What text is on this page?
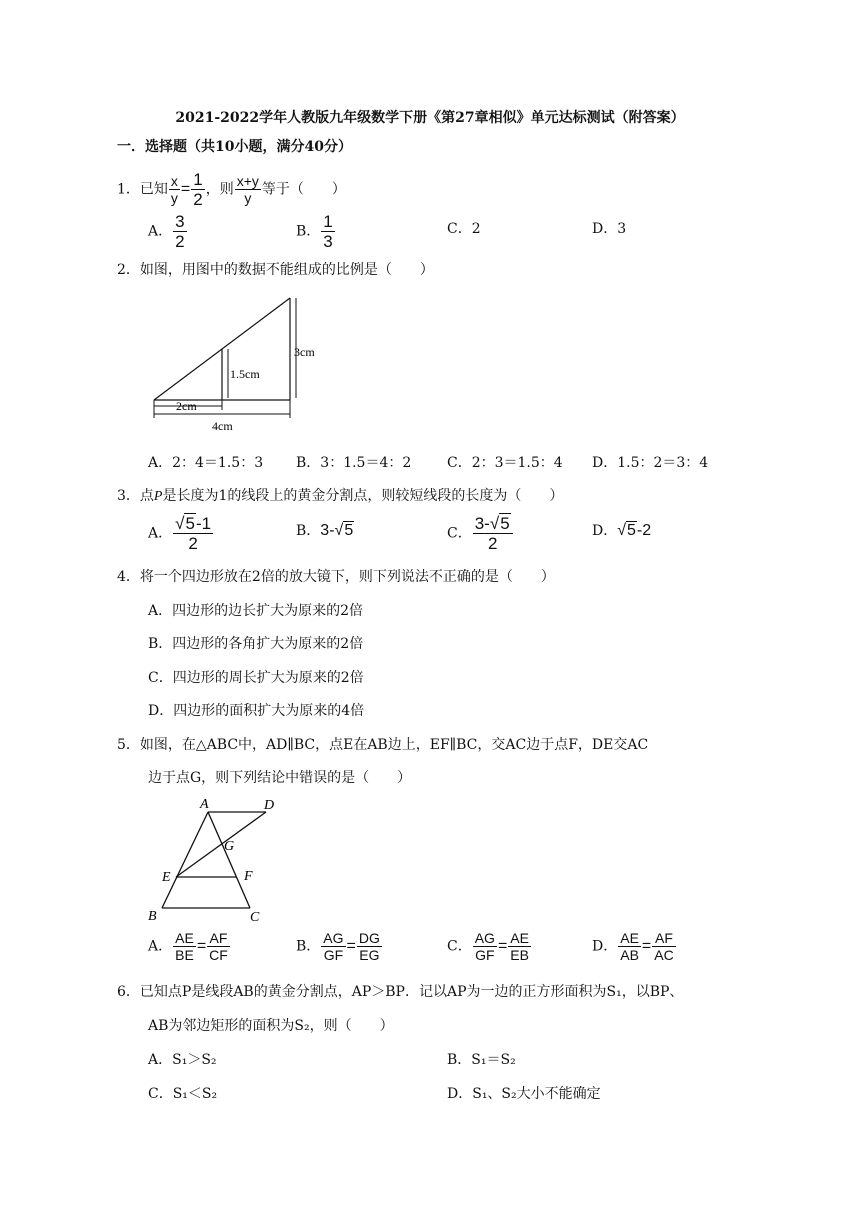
2021-2022学年人教版九年级数学下册《第27章相似》单元达标测试（附答案）
一．选择题（共10小题，满分40分）
1．已知 $\frac{x}{y} = \frac{1}{2}$ ，则 $\frac{x+y}{y}$ 等于（　　）
A． $\frac{3}{2}$	B． $\frac{1}{3}$	C．2	D．3
2．如图，用图中的数据不能组成的比例是（　　）
3cm
1.5cm
2cm
4cm
A．2：4＝1.5：3 B．3：1.5＝4：2	C．2：3＝1.5：4 D．1.5：2＝3：4
3．点P是长度为1的线段上的黄金分割点，则较短线段的长度为（　　）
A． $\frac{√5-1}{2}$	B．3-√5	C． $\frac{3-√5}{2}$	D．√5-2
4．将一个四边形放在2倍的放大镜下，则下列说法不正确的是（　　）
A．四边形的边长扩大为原来的2倍
B．四边形的各角扩大为原来的2倍
C．四边形的周长扩大为原来的2倍
D．四边形的面积扩大为原来的4倍
5．如图，在△ABC中，AD∥BC，点E在AB边上，EF∥BC，交AC边于点F，DE交AC
边于点G，则下列结论中错误的是（　　）
A	D
G
E	F
B	C
A． $\frac{AE}{BE} = \frac{AF}{CF}$	B． $\frac{AG}{GF} = \frac{DG}{EG}$	C． $\frac{AG}{GF} = \frac{AE}{EB}$	D． $\frac{AE}{AB} = \frac{AF}{AC}$
6．已知点P是线段AB的黄金分割点，AP＞BP．记以AP为一边的正方形面积为S₁，以BP、
AB为邻边矩形的面积为S₂，则（　　）
A．S₁＞S₂	B．S₁＝S₂
C．S₁＜S₂	D．S₁、S₂大小不能确定
